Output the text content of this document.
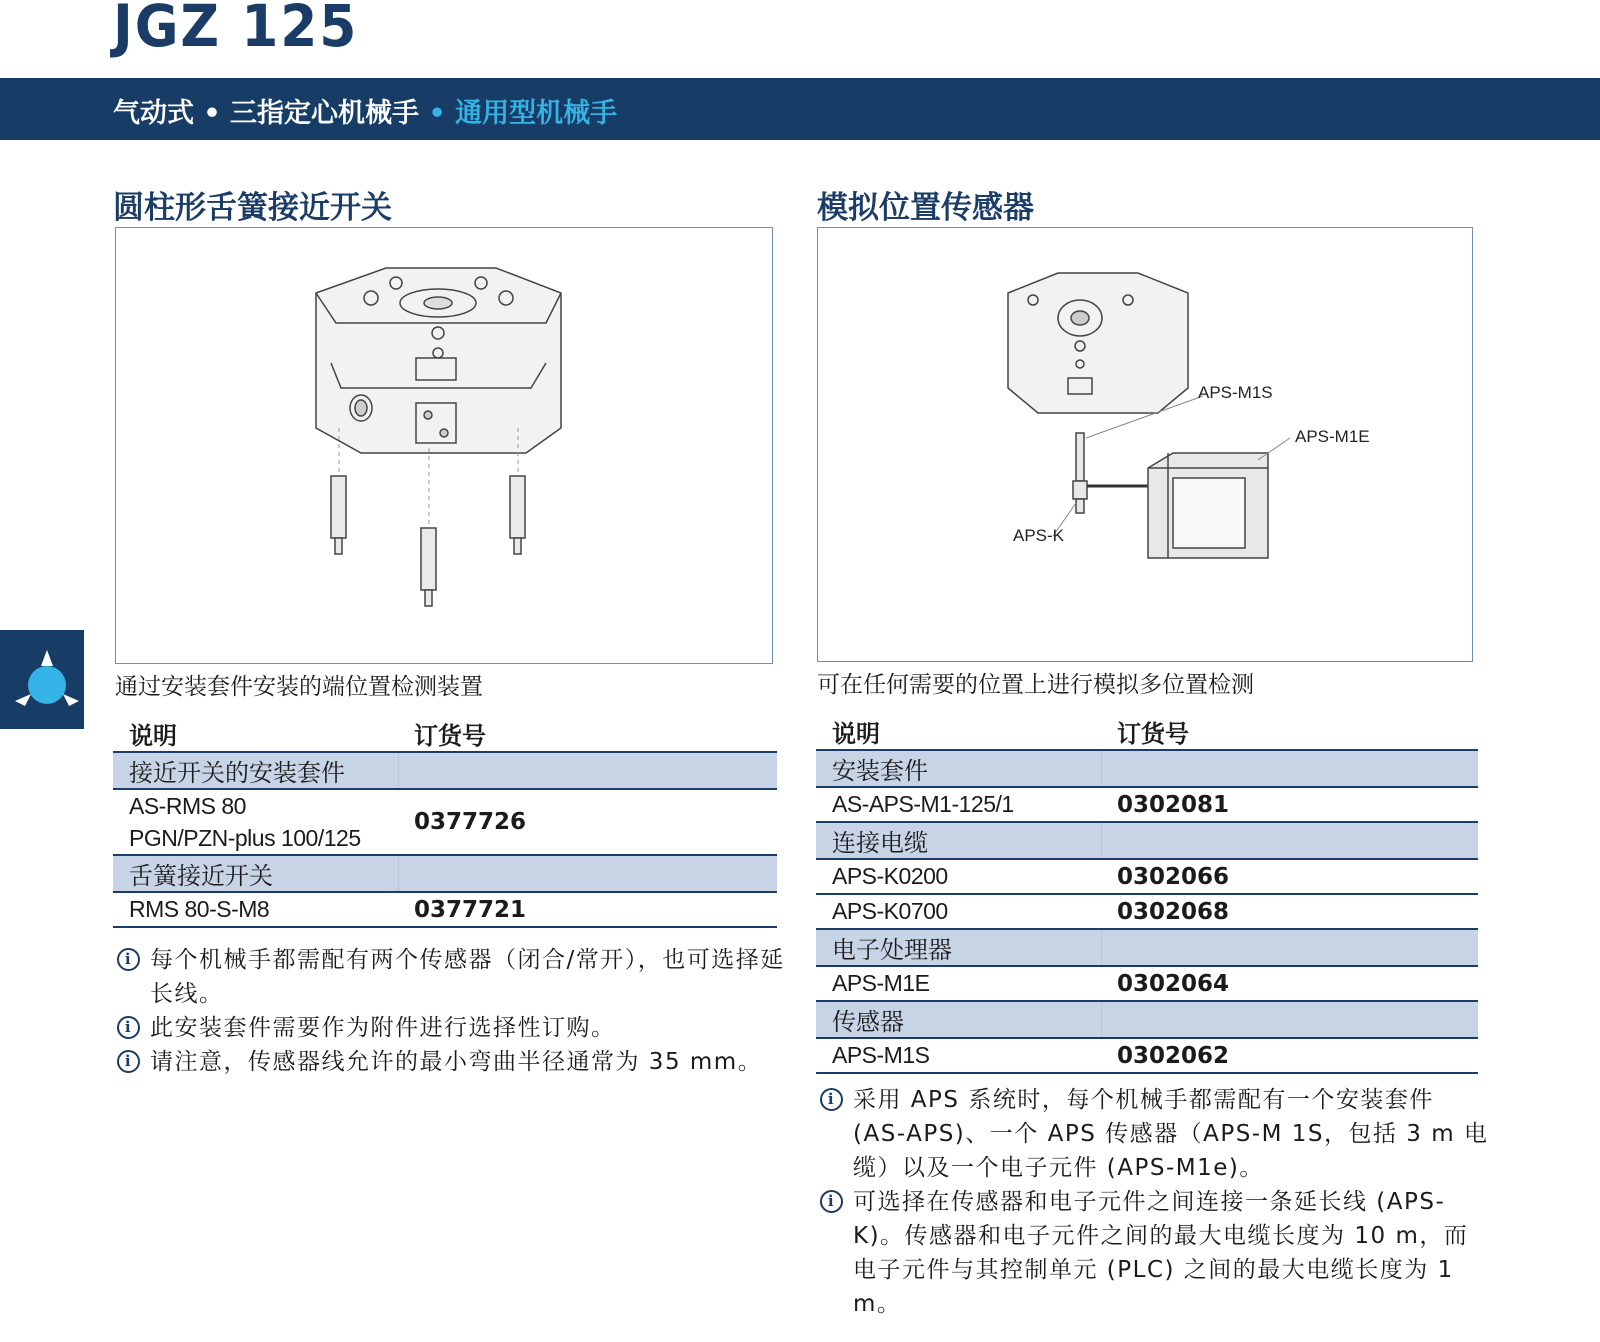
JGZ 125
气动式 • 三指定心机械手 • 通用型机械手
圆柱形舌簧接近开关
通过安装套件安装的端位置检测装置
说明	订货号
接近开关的安装套件	

AS-RMS 80
PGN/PZN-plus 100/125	0377726
舌簧接近开关	
RMS 80-S-M8	0377721
i 每个机械手都需配有两个传感器（闭合/常开），也可选择延长线。
i 此安装套件需要作为附件进行选择性订购。
i 请注意，传感器线允许的最小弯曲半径通常为 35 mm。
模拟位置传感器
APS-M1S
APS-M1E
APS-K
可在任何需要的位置上进行模拟多位置检测
说明	订货号
安装套件	
AS-APS-M1-125/1	0302081
连接电缆	
APS-K0200	0302066
APS-K0700	0302068
电子处理器	
APS-M1E	0302064
传感器	
APS-M1S	0302062
i 采用 APS 系统时，每个机械手都需配有一个安装套件 (AS-APS)、一个 APS 传感器（APS-M 1S，包括 3 m 电缆）以及一个电子元件 (APS-M1e)。
i 可选择在传感器和电子元件之间连接一条延长线 (APS-K)。传感器和电子元件之间的最大电缆长度为 10 m，而电子元件与其控制单元 (PLC) 之间的最大电缆长度为 1 m。
